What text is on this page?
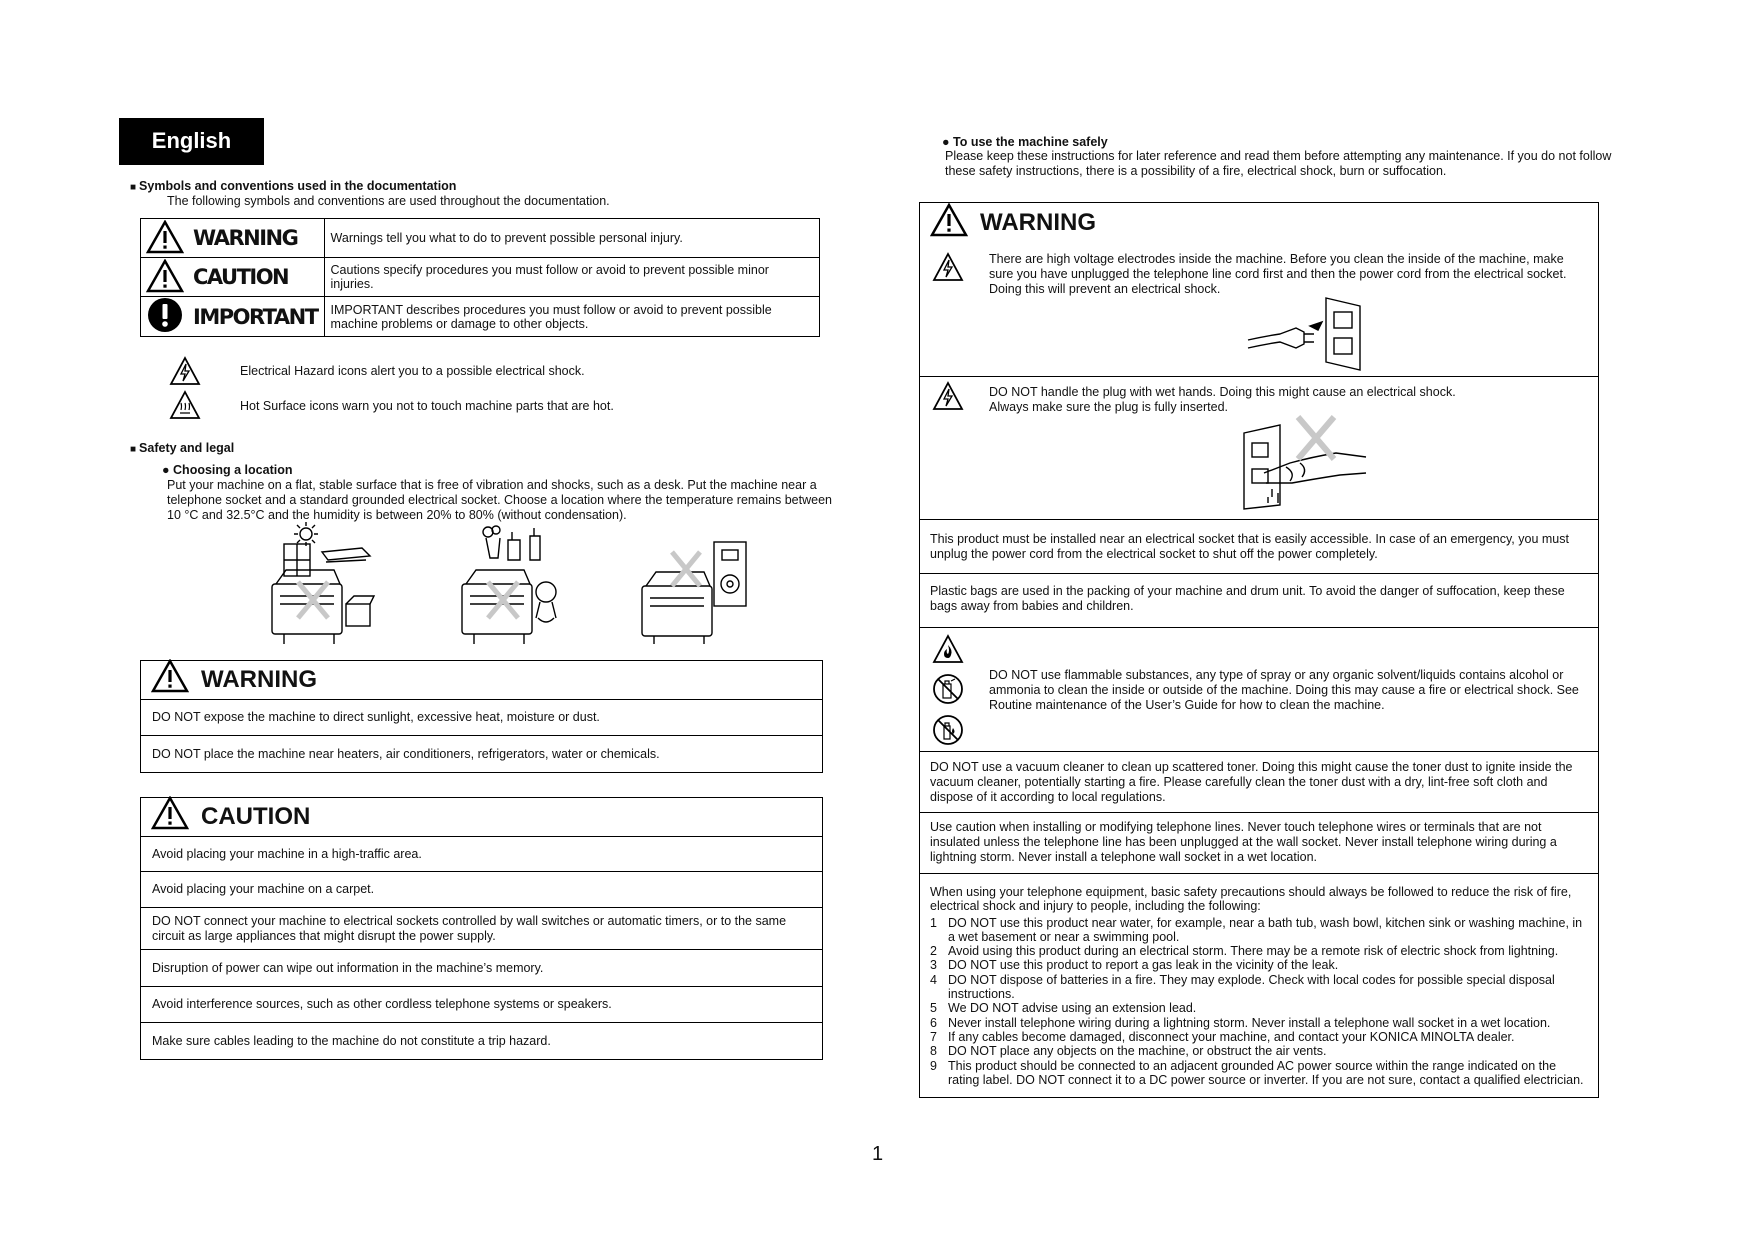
English
■ Symbols and conventions used in the documentation
The following symbols and conventions are used throughout the documentation.
	WARNING	Warnings tell you what to do to prevent possible personal injury.
	CAUTION	Cautions specify procedures you must follow or avoid to prevent possible minor injuries.
	IMPORTANT	IMPORTANT describes procedures you must follow or avoid to prevent possible machine problems or damage to other objects.
Electrical Hazard icons alert you to a possible electrical shock.
Hot Surface icons warn you not to touch machine parts that are hot.
■ Safety and legal
● Choosing a location
Put your machine on a flat, stable surface that is free of vibration and shocks, such as a desk. Put the machine near a telephone socket and a standard grounded electrical socket. Choose a location where the temperature remains between 10 °C and 32.5°C and the humidity is between 20% to 80% (without condensation).
WARNING
DO NOT expose the machine to direct sunlight, excessive heat, moisture or dust.
DO NOT place the machine near heaters, air conditioners, refrigerators, water or chemicals.
CAUTION
Avoid placing your machine in a high-traffic area.
Avoid placing your machine on a carpet.
DO NOT connect your machine to electrical sockets controlled by wall switches or automatic timers, or to the same circuit as large appliances that might disrupt the power supply.
Disruption of power can wipe out information in the machine’s memory.
Avoid interference sources, such as other cordless telephone systems or speakers.
Make sure cables leading to the machine do not constitute a trip hazard.
● To use the machine safely
Please keep these instructions for later reference and read them before attempting any maintenance. If you do not follow these safety instructions, there is a possibility of a fire, electrical shock, burn or suffocation.
WARNING
There are high voltage electrodes inside the machine. Before you clean the inside of the machine, make sure you have unplugged the telephone line cord first and then the power cord from the electrical socket. Doing this will prevent an electrical shock.
DO NOT handle the plug with wet hands. Doing this might cause an electrical shock.
Always make sure the plug is fully inserted.
This product must be installed near an electrical socket that is easily accessible. In case of an emergency, you must unplug the power cord from the electrical socket to shut off the power completely.
Plastic bags are used in the packing of your machine and drum unit. To avoid the danger of suffocation, keep these bags away from babies and children.
DO NOT use flammable substances, any type of spray or any organic solvent/liquids contains alcohol or ammonia to clean the inside or outside of the machine. Doing this may cause a fire or electrical shock. See Routine maintenance of the User’s Guide for how to clean the machine.
DO NOT use a vacuum cleaner to clean up scattered toner. Doing this might cause the toner dust to ignite inside the vacuum cleaner, potentially starting a fire. Please carefully clean the toner dust with a dry, lint-free soft cloth and dispose of it according to local regulations.
Use caution when installing or modifying telephone lines. Never touch telephone wires or terminals that are not insulated unless the telephone line has been unplugged at the wall socket. Never install telephone wiring during a lightning storm. Never install a telephone wall socket in a wet location.
When using your telephone equipment, basic safety precautions should always be followed to reduce the risk of fire, electrical shock and injury to people, including the following:
1 DO NOT use this product near water, for example, near a bath tub, wash bowl, kitchen sink or washing machine, in a wet basement or near a swimming pool.
2 Avoid using this product during an electrical storm. There may be a remote risk of electric shock from lightning.
3 DO NOT use this product to report a gas leak in the vicinity of the leak.
4 DO NOT dispose of batteries in a fire. They may explode. Check with local codes for possible special disposal instructions.
5 We DO NOT advise using an extension lead.
6 Never install telephone wiring during a lightning storm. Never install a telephone wall socket in a wet location.
7 If any cables become damaged, disconnect your machine, and contact your KONICA MINOLTA dealer.
8 DO NOT place any objects on the machine, or obstruct the air vents.
9 This product should be connected to an adjacent grounded AC power source within the range indicated on the rating label. DO NOT connect it to a DC power source or inverter. If you are not sure, contact a qualified electrician.
1
